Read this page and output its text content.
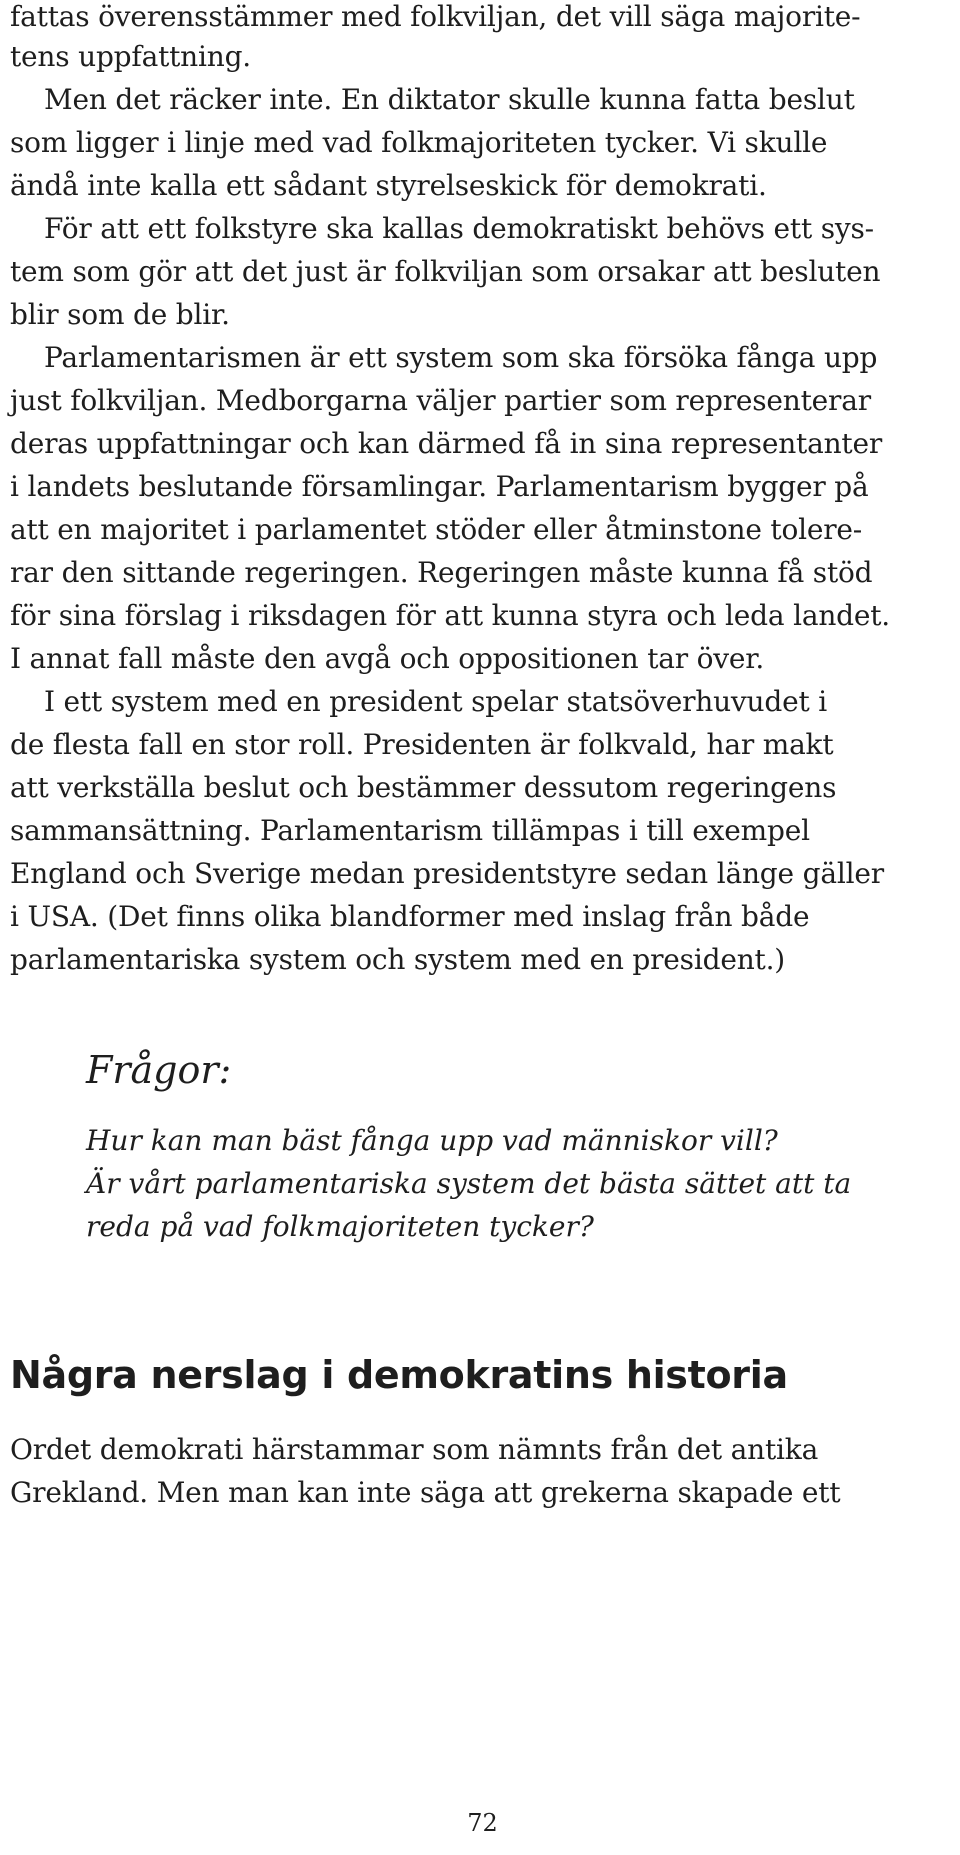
fattas överensstämmer med folkviljan, det vill säga majorite-
tens uppfattning.
Men det räcker inte. En diktator skulle kunna fatta beslut
som ligger i linje med vad folkmajoriteten tycker. Vi skulle
ändå inte kalla ett sådant styrelseskick för demokrati.
För att ett folkstyre ska kallas demokratiskt behövs ett sys-
tem som gör att det just är folkviljan som orsakar att besluten
blir som de blir.
Parlamentarismen är ett system som ska försöka fånga upp
just folkviljan. Medborgarna väljer partier som representerar
deras uppfattningar och kan därmed få in sina representanter
i landets beslutande församlingar. Parlamentarism bygger på
att en majoritet i parlamentet stöder eller åtminstone tolere-
rar den sittande regeringen. Regeringen måste kunna få stöd
för sina förslag i riksdagen för att kunna styra och leda landet.
I annat fall måste den avgå och oppositionen tar över.
I ett system med en president spelar statsöverhuvudet i
de flesta fall en stor roll. Presidenten är folkvald, har makt
att verkställa beslut och bestämmer dessutom regeringens
sammansättning. Parlamentarism tillämpas i till exempel
England och Sverige medan presidentstyre sedan länge gäller
i USA. (Det finns olika blandformer med inslag från både
parlamentariska system och system med en president.)
Frågor:
Hur kan man bäst fånga upp vad människor vill?
Är vårt parlamentariska system det bästa sättet att ta
reda på vad folkmajoriteten tycker?
Några nerslag i demokratins historia
Ordet demokrati härstammar som nämnts från det antika
Grekland. Men man kan inte säga att grekerna skapade ett
72
